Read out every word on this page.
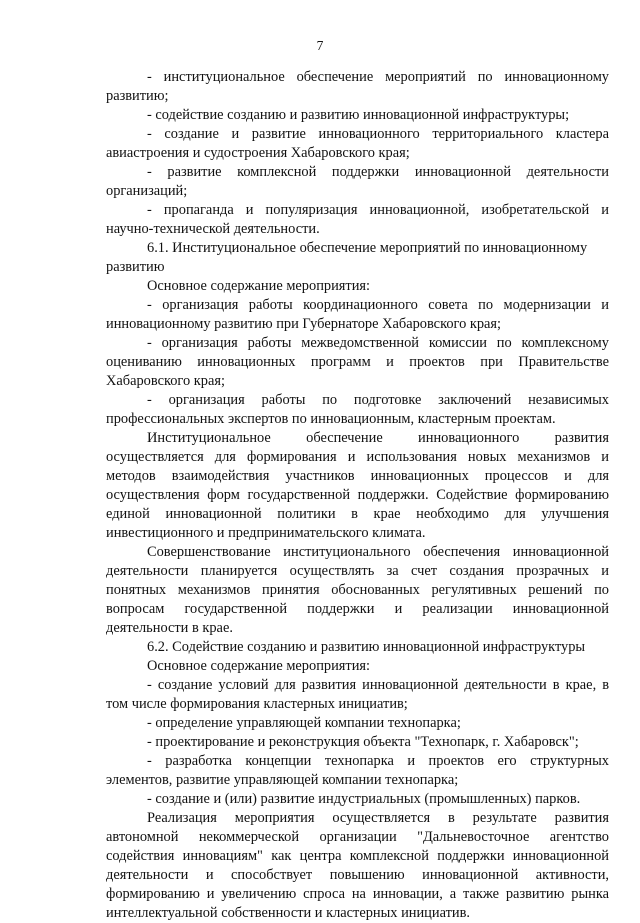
7

- институциональное обеспечение мероприятий по инновационному развитию;

- содействие созданию и развитию инновационной инфраструктуры;

- создание и развитие инновационного территориального кластера авиастроения и судостроения Хабаровского края;

- развитие комплексной поддержки инновационной деятельности организаций;

- пропаганда и популяризация инновационной, изобретательской и научно-технической деятельности.

6.1. Институциональное обеспечение мероприятий по инновационному развитию

Основное содержание мероприятия:

- организация работы координационного совета по модернизации и инновационному развитию при Губернаторе Хабаровского края;

- организация работы межведомственной комиссии по комплексному оцениванию инновационных программ и проектов при Правительстве Хабаровского края;

- организация работы по подготовке заключений независимых профессиональных экспертов по инновационным, кластерным проектам.

Институциональное обеспечение инновационного развития осуществляется для формирования и использования новых механизмов и методов взаимодействия участников инновационных процессов и для осуществления форм государственной поддержки. Содействие формированию единой инновационной политики в крае необходимо для улучшения инвестиционного и предпринимательского климата.

Совершенствование институционального обеспечения инновационной деятельности планируется осуществлять за счет создания прозрачных и понятных механизмов принятия обоснованных регулятивных решений по вопросам государственной поддержки и реализации инновационной деятельности в крае.

6.2. Содействие созданию и развитию инновационной инфраструктуры

Основное содержание мероприятия:

- создание условий для развития инновационной деятельности в крае, в том числе формирования кластерных инициатив;

- определение управляющей компании технопарка;

- проектирование и реконструкция объекта "Технопарк, г. Хабаровск";

- разработка концепции технопарка и проектов его структурных элементов, развитие управляющей компании технопарка;

- создание и (или) развитие индустриальных (промышленных) парков.

Реализация мероприятия осуществляется в результате развития автономной некоммерческой организации "Дальневосточное агентство содействия инновациям" как центра комплексной поддержки инновационной деятельности и способствует повышению инновационной активности, формированию и увеличению спроса на инновации, а также развитию рынка интеллектуальной собственности и кластерных инициатив.
